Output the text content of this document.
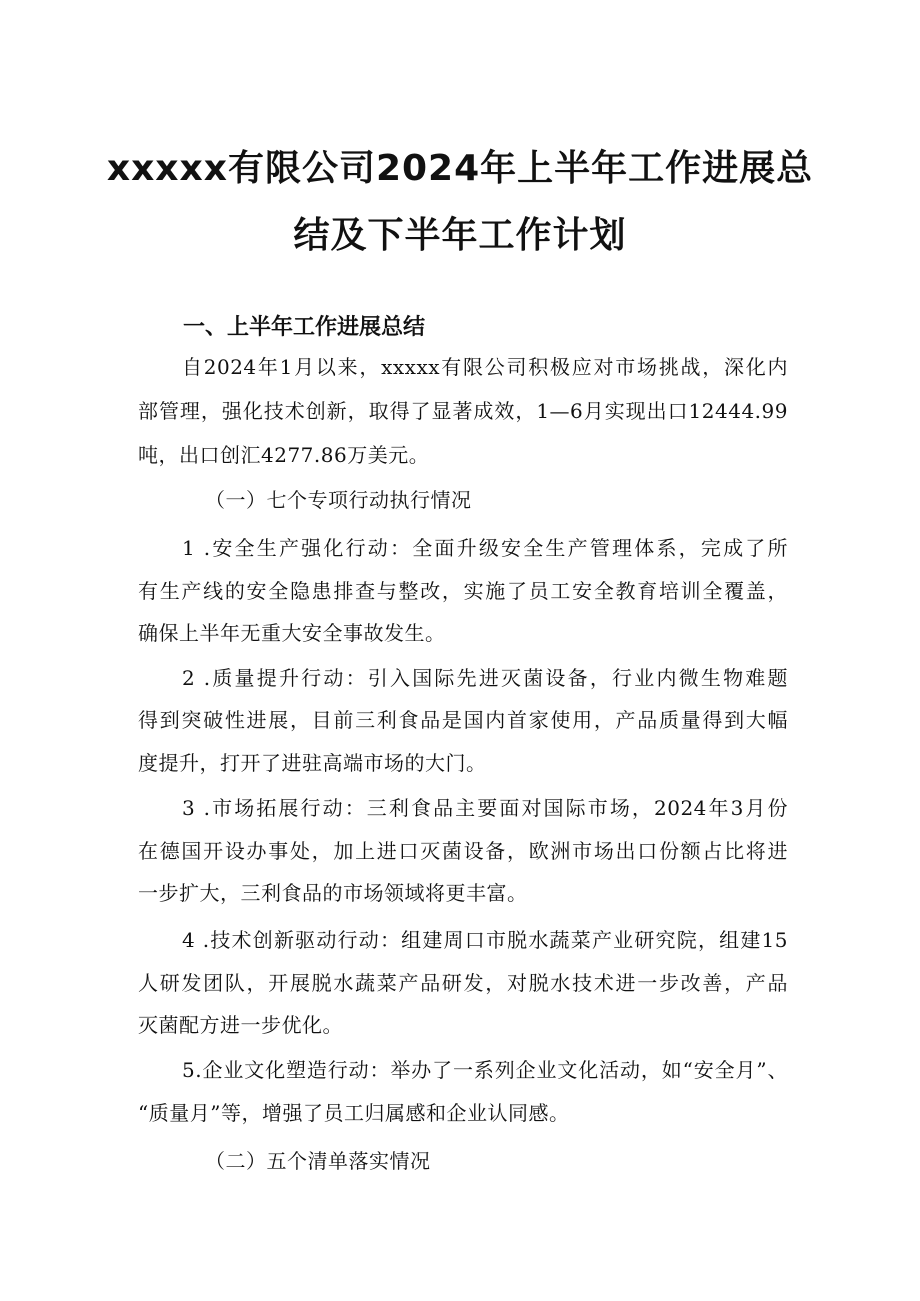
xxxxx有限公司2024年上半年工作进展总
结及下半年工作计划
一、上半年工作进展总结
自2024年1月以来，xxxxx有限公司积极应对市场挑战，深化内
部管理，强化技术创新，取得了显著成效，1—6月实现出口12444.99
吨，出口创汇4277.86万美元。
（一）七个专项行动执行情况
1 .安全生产强化行动：全面升级安全生产管理体系，完成了所
有生产线的安全隐患排查与整改，实施了员工安全教育培训全覆盖，
确保上半年无重大安全事故发生。
2 .质量提升行动：引入国际先进灭菌设备，行业内微生物难题
得到突破性进展，目前三利食品是国内首家使用，产品质量得到大幅
度提升，打开了进驻高端市场的大门。
3 .市场拓展行动：三利食品主要面对国际市场，2024年3月份
在德国开设办事处，加上进口灭菌设备，欧洲市场出口份额占比将进
一步扩大，三利食品的市场领域将更丰富。
4 .技术创新驱动行动：组建周口市脱水蔬菜产业研究院，组建15
人研发团队，开展脱水蔬菜产品研发，对脱水技术进一步改善，产品
灭菌配方进一步优化。
5.企业文化塑造行动：举办了一系列企业文化活动，如“安全月”、
“质量月”等，增强了员工归属感和企业认同感。
（二）五个清单落实情况
